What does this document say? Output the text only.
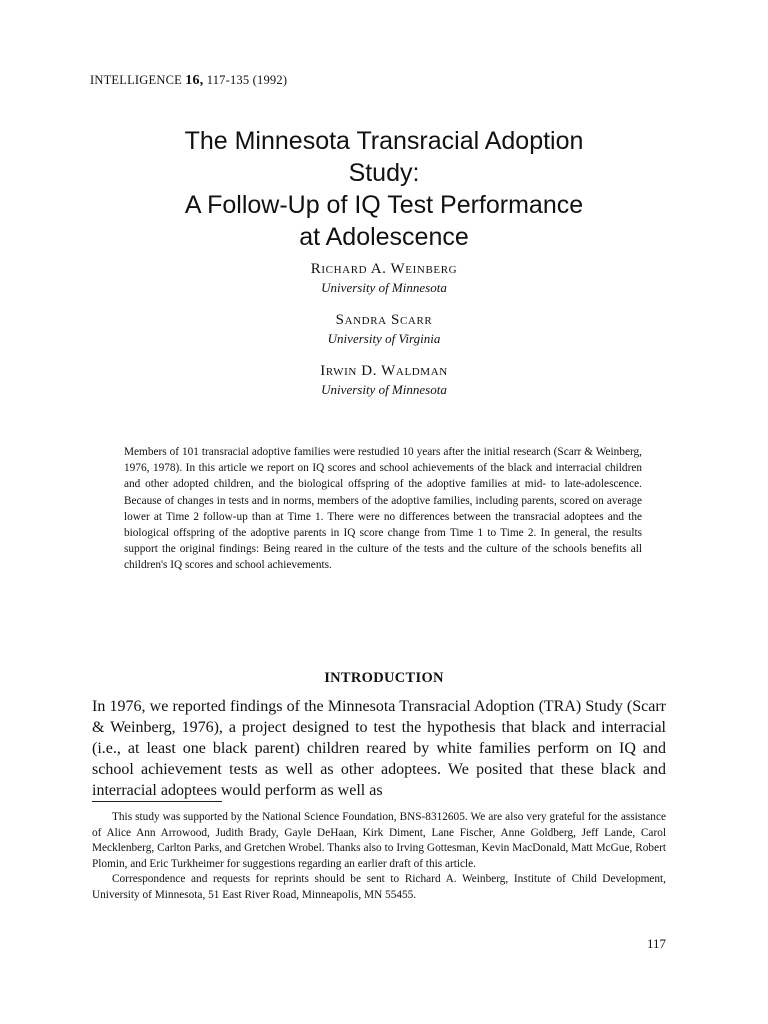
INTELLIGENCE 16, 117-135 (1992)
The Minnesota Transracial Adoption
Study:
A Follow-Up of IQ Test Performance
at Adolescence
Richard A. Weinberg
University of Minnesota
Sandra Scarr
University of Virginia
Irwin D. Waldman
University of Minnesota

Members of 101 transracial adoptive families were restudied 10 years after the initial research (Scarr & Weinberg, 1976, 1978). In this article we report on IQ scores and school achievements of the black and interracial children and other adopted children, and the biological offspring of the adoptive families at mid- to late-adolescence. Because of changes in tests and in norms, members of the adoptive families, including parents, scored on average lower at Time 2 follow-up than at Time 1. There were no differences between the transracial adoptees and the biological offspring of the adoptive parents in IQ score change from Time 1 to Time 2. In general, the results support the original findings: Being reared in the culture of the tests and the culture of the schools benefits all children's IQ scores and school achievements.

INTRODUCTION

In 1976, we reported findings of the Minnesota Transracial Adoption (TRA) Study (Scarr & Weinberg, 1976), a project designed to test the hypothesis that black and interracial (i.e., at least one black parent) children reared by white families perform on IQ and school achievement tests as well as other adoptees. We posited that these black and interracial adoptees would perform as well as

This study was supported by the National Science Foundation, BNS-8312605. We are also very grateful for the assistance of Alice Ann Arrowood, Judith Brady, Gayle DeHaan, Kirk Diment, Lane Fischer, Anne Goldberg, Jeff Lande, Carol Mecklenberg, Carlton Parks, and Gretchen Wrobel. Thanks also to Irving Gottesman, Kevin MacDonald, Matt McGue, Robert Plomin, and Eric Turkheimer for suggestions regarding an earlier draft of this article.

Correspondence and requests for reprints should be sent to Richard A. Weinberg, Institute of Child Development, University of Minnesota, 51 East River Road, Minneapolis, MN 55455.

117
